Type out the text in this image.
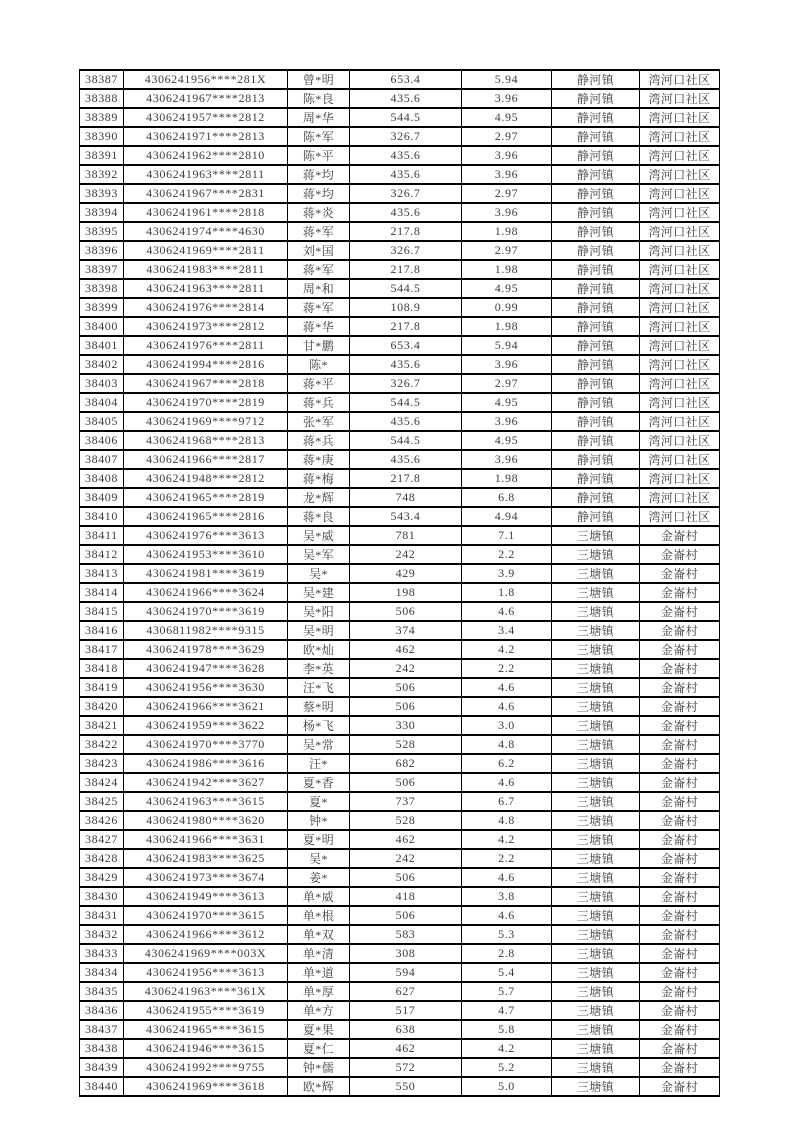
38387	4306241956****281X	曾*明	653.4	5.94	静河镇	湾河口社区
38388	4306241967****2813	陈*良	435.6	3.96	静河镇	湾河口社区
38389	4306241957****2812	周*华	544.5	4.95	静河镇	湾河口社区
38390	4306241971****2813	陈*军	326.7	2.97	静河镇	湾河口社区
38391	4306241962****2810	陈*平	435.6	3.96	静河镇	湾河口社区
38392	4306241963****2811	蒋*均	435.6	3.96	静河镇	湾河口社区
38393	4306241967****2831	蒋*均	326.7	2.97	静河镇	湾河口社区
38394	4306241961****2818	蒋*炎	435.6	3.96	静河镇	湾河口社区
38395	4306241974****4630	蒋*军	217.8	1.98	静河镇	湾河口社区
38396	4306241969****2811	刘*国	326.7	2.97	静河镇	湾河口社区
38397	4306241983****2811	蒋*军	217.8	1.98	静河镇	湾河口社区
38398	4306241963****2811	周*和	544.5	4.95	静河镇	湾河口社区
38399	4306241976****2814	蒋*军	108.9	0.99	静河镇	湾河口社区
38400	4306241973****2812	蒋*华	217.8	1.98	静河镇	湾河口社区
38401	4306241976****2811	甘*鹏	653.4	5.94	静河镇	湾河口社区
38402	4306241994****2816	陈*	435.6	3.96	静河镇	湾河口社区
38403	4306241967****2818	蒋*平	326.7	2.97	静河镇	湾河口社区
38404	4306241970****2819	蒋*兵	544.5	4.95	静河镇	湾河口社区
38405	4306241969****9712	张*军	435.6	3.96	静河镇	湾河口社区
38406	4306241968****2813	蒋*兵	544.5	4.95	静河镇	湾河口社区
38407	4306241966****2817	蒋*庚	435.6	3.96	静河镇	湾河口社区
38408	4306241948****2812	蒋*梅	217.8	1.98	静河镇	湾河口社区
38409	4306241965****2819	龙*辉	748	6.8	静河镇	湾河口社区
38410	4306241965****2816	蒋*良	543.4	4.94	静河镇	湾河口社区
38411	4306241976****3613	吴*威	781	7.1	三塘镇	金崙村
38412	4306241953****3610	吴*军	242	2.2	三塘镇	金崙村
38413	4306241981****3619	吴*	429	3.9	三塘镇	金崙村
38414	4306241966****3624	吴*建	198	1.8	三塘镇	金崙村
38415	4306241970****3619	吴*阳	506	4.6	三塘镇	金崙村
38416	4306811982****9315	吴*明	374	3.4	三塘镇	金崙村
38417	4306241978****3629	欧*灿	462	4.2	三塘镇	金崙村
38418	4306241947****3628	李*英	242	2.2	三塘镇	金崙村
38419	4306241956****3630	汪*飞	506	4.6	三塘镇	金崙村
38420	4306241966****3621	蔡*明	506	4.6	三塘镇	金崙村
38421	4306241959****3622	杨*飞	330	3.0	三塘镇	金崙村
38422	4306241970****3770	吴*常	528	4.8	三塘镇	金崙村
38423	4306241986****3616	汪*	682	6.2	三塘镇	金崙村
38424	4306241942****3627	夏*香	506	4.6	三塘镇	金崙村
38425	4306241963****3615	夏*	737	6.7	三塘镇	金崙村
38426	4306241980****3620	钟*	528	4.8	三塘镇	金崙村
38427	4306241966****3631	夏*明	462	4.2	三塘镇	金崙村
38428	4306241983****3625	吴*	242	2.2	三塘镇	金崙村
38429	4306241973****3674	姜*	506	4.6	三塘镇	金崙村
38430	4306241949****3613	单*威	418	3.8	三塘镇	金崙村
38431	4306241970****3615	单*根	506	4.6	三塘镇	金崙村
38432	4306241966****3612	单*双	583	5.3	三塘镇	金崙村
38433	4306241969****003X	单*清	308	2.8	三塘镇	金崙村
38434	4306241956****3613	单*道	594	5.4	三塘镇	金崙村
38435	4306241963****361X	单*厚	627	5.7	三塘镇	金崙村
38436	4306241955****3619	单*方	517	4.7	三塘镇	金崙村
38437	4306241965****3615	夏*果	638	5.8	三塘镇	金崙村
38438	4306241946****3615	夏*仁	462	4.2	三塘镇	金崙村
38439	4306241992****9755	钟*儒	572	5.2	三塘镇	金崙村
38440	4306241969****3618	欧*辉	550	5.0	三塘镇	金崙村
